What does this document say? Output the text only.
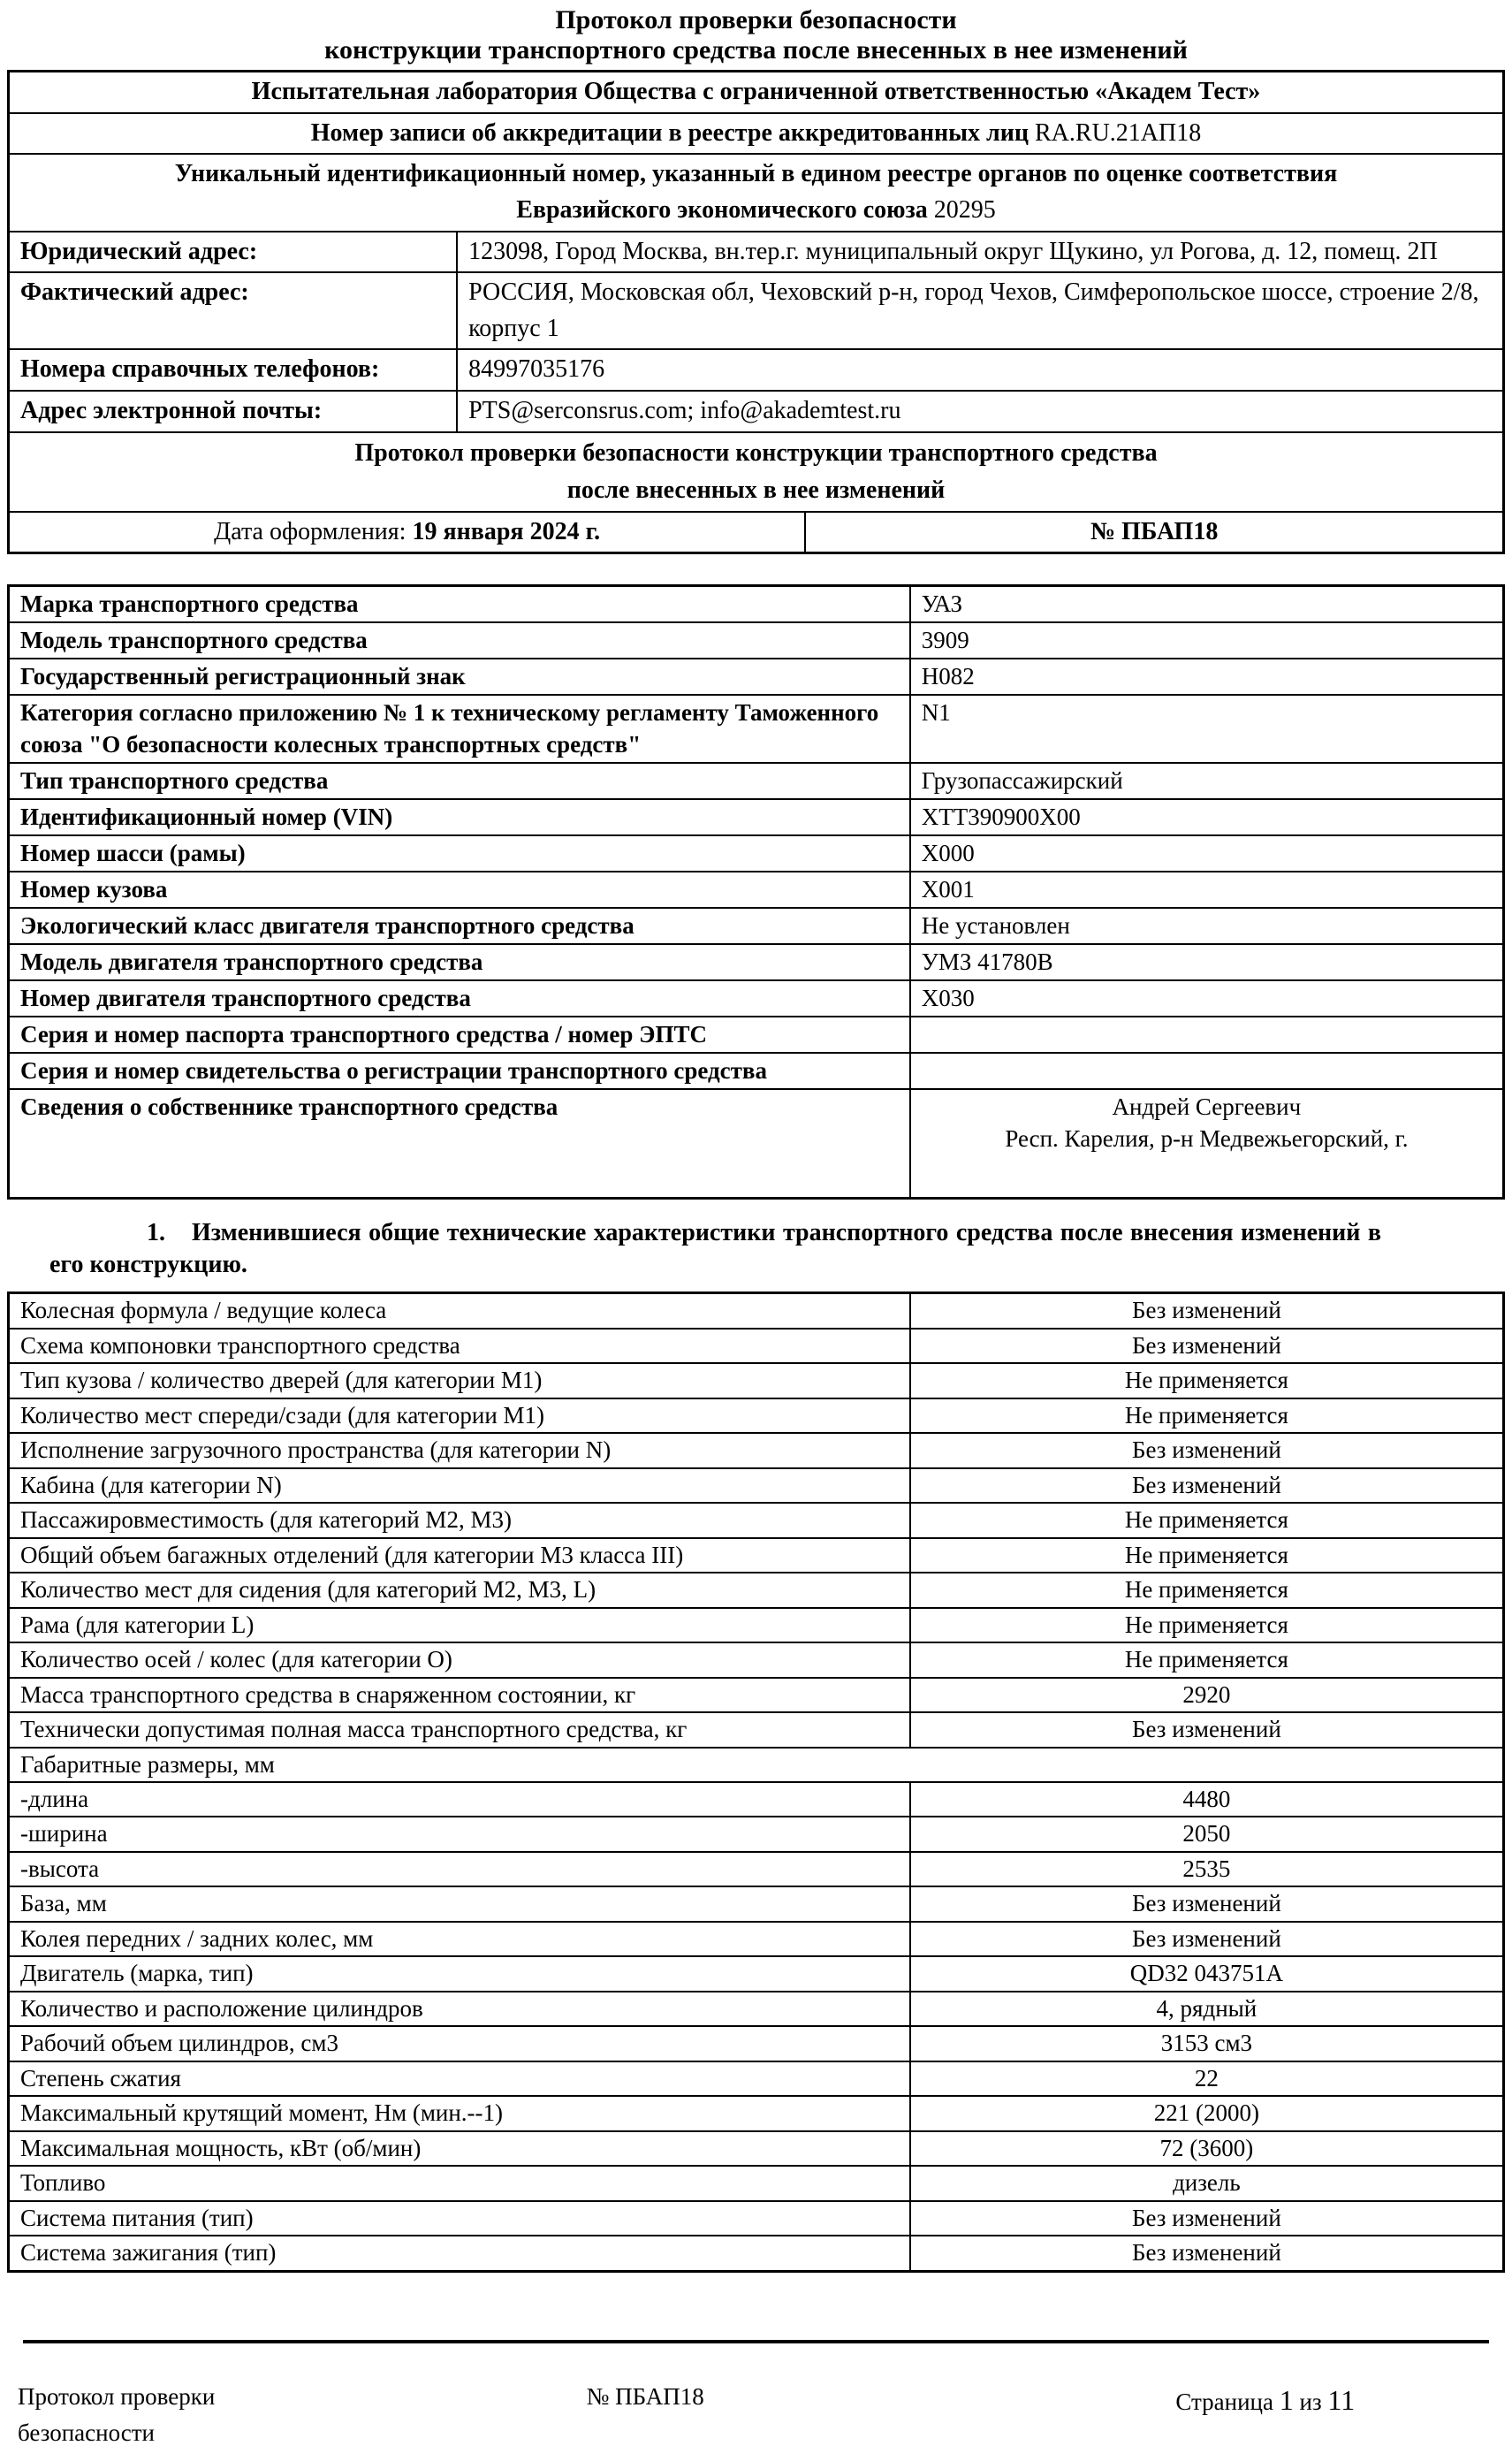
Протокол проверки безопасности
конструкции транспортного средства после внесенных в нее изменений
Испытательная лаборатория Общества с ограниченной ответственностью «Академ Тест»		
Номер записи об аккредитации в реестре аккредитованных лиц RA.RU.21АП18		

Уникальный идентификационный номер, указанный в едином реестре органов по оценке соответствия
Евразийского экономического союза 20295		

Юридический адрес:	123098, Город Москва, вн.тер.г. муниципальный округ Щукино, ул Рогова, д. 12, помещ. 2П	
Фактический адрес:	РОССИЯ, Московская обл, Чеховский р-н, город Чехов, Симферопольское шоссе, строение 2/8, корпус 1	
Номера справочных телефонов:	84997035176	
Адрес электронной почты:	PTS@serconsrus.com; info@akademtest.ru	

Протокол проверки безопасности конструкции транспортного средства
после внесенных в нее изменений		

Дата оформления: 19 января 2024 г.		№ ПБАП18
Марка транспортного средства	УАЗ
Модель транспортного средства	3909
Государственный регистрационный знак	Н082
Категория согласно приложению № 1 к техническому регламенту Таможенного союза "О безопасности колесных транспортных средств"	N1
Тип транспортного средства	Грузопассажирский
Идентификационный номер (VIN)	XTT390900X00
Номер шасси (рамы)	X000
Номер кузова	X001
Экологический класс двигателя транспортного средства	Не установлен
Модель двигателя транспортного средства	УМЗ 41780В
Номер двигателя транспортного средства	X030
Серия и номер паспорта транспортного средства / номер ЭПТС	
Серия и номер свидетельства о регистрации транспортного средства	
Сведения о собственнике транспортного средства	Андрей Сергеевич
Респ. Карелия, р-н Медвежьегорский, г.
1. Изменившиеся общие технические характеристики транспортного средства после внесения изменений в его конструкцию.
Колесная формула / ведущие колеса	Без изменений
Схема компоновки транспортного средства	Без изменений
Тип кузова / количество дверей (для категории M1)	Не применяется
Количество мест спереди/сзади (для категории M1)	Не применяется
Исполнение загрузочного пространства (для категории N)	Без изменений
Кабина (для категории N)	Без изменений
Пассажировместимость (для категорий M2, M3)	Не применяется
Общий объем багажных отделений (для категории M3 класса III)	Не применяется
Количество мест для сидения (для категорий M2, M3, L)	Не применяется
Рама (для категории L)	Не применяется
Количество осей / колес (для категории O)	Не применяется
Масса транспортного средства в снаряженном состоянии, кг	2920
Технически допустимая полная масса транспортного средства, кг	Без изменений
Габаритные размеры, мм	
-длина	4480
-ширина	2050
-высота	2535
База, мм	Без изменений
Колея передних / задних колес, мм	Без изменений
Двигатель (марка, тип)	QD32 043751A
Количество и расположение цилиндров	4, рядный
Рабочий объем цилиндров, см3	3153 см3
Степень сжатия	22
Максимальный крутящий момент, Нм (мин.--1)	221 (2000)
Максимальная мощность, кВт (об/мин)	72 (3600)
Топливо	дизель
Система питания (тип)	Без изменений
Система зажигания (тип)	Без изменений
Протокол проверки
безопасности
№ ПБАП18	Страница 1 из 11
